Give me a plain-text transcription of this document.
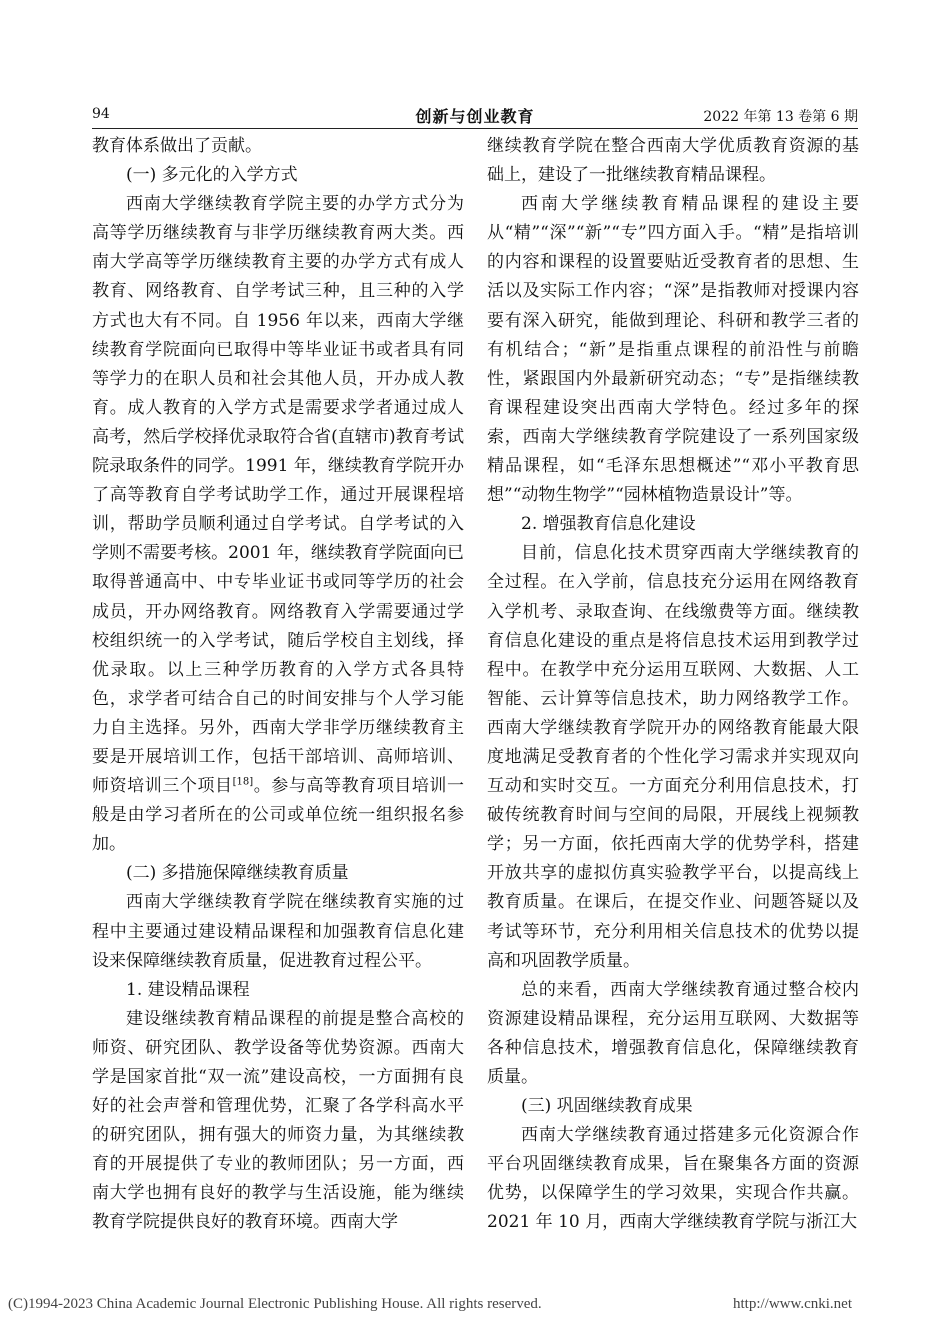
94	创新与创业教育	2022 年第 13 卷第 6 期

教育体系做出了贡献。

(一) 多元化的入学方式

西南大学继续教育学院主要的办学方式分为高等学历继续教育与非学历继续教育两大类。西南大学高等学历继续教育主要的办学方式有成人教育、网络教育、自学考试三种，且三种的入学方式也大有不同。自 1956 年以来，西南大学继续教育学院面向已取得中等毕业证书或者具有同等学力的在职人员和社会其他人员，开办成人教育。成人教育的入学方式是需要求学者通过成人高考，然后学校择优录取符合省(直辖市)教育考试院录取条件的同学。1991 年，继续教育学院开办了高等教育自学考试助学工作，通过开展课程培训，帮助学员顺利通过自学考试。自学考试的入学则不需要考核。2001 年，继续教育学院面向已取得普通高中、中专毕业证书或同等学历的社会成员，开办网络教育。网络教育入学需要通过学校组织统一的入学考试，随后学校自主划线，择优录取。以上三种学历教育的入学方式各具特色，求学者可结合自己的时间安排与个人学习能力自主选择。另外，西南大学非学历继续教育主要是开展培训工作，包括干部培训、高师培训、师资培训三个项目[18]。参与高等教育项目培训一般是由学习者所在的公司或单位统一组织报名参加。

(二) 多措施保障继续教育质量

西南大学继续教育学院在继续教育实施的过程中主要通过建设精品课程和加强教育信息化建设来保障继续教育质量，促进教育过程公平。

1. 建设精品课程

建设继续教育精品课程的前提是整合高校的师资、研究团队、教学设备等优势资源。西南大学是国家首批“双一流”建设高校，一方面拥有良好的社会声誉和管理优势，汇聚了各学科高水平的研究团队，拥有强大的师资力量，为其继续教育的开展提供了专业的教师团队；另一方面，西南大学也拥有良好的教学与生活设施，能为继续教育学院提供良好的教育环境。西南大学

继续教育学院在整合西南大学优质教育资源的基础上，建设了一批继续教育精品课程。

西南大学继续教育精品课程的建设主要从“精”“深”“新”“专”四方面入手。“精”是指培训的内容和课程的设置要贴近受教育者的思想、生活以及实际工作内容；“深”是指教师对授课内容要有深入研究，能做到理论、科研和教学三者的有机结合；“新”是指重点课程的前沿性与前瞻性，紧跟国内外最新研究动态；“专”是指继续教育课程建设突出西南大学特色。经过多年的探索，西南大学继续教育学院建设了一系列国家级精品课程，如“毛泽东思想概述”“邓小平教育思想”“动物生物学”“园林植物造景设计”等。

2. 增强教育信息化建设

目前，信息化技术贯穿西南大学继续教育的全过程。在入学前，信息技充分运用在网络教育入学机考、录取查询、在线缴费等方面。继续教育信息化建设的重点是将信息技术运用到教学过程中。在教学中充分运用互联网、大数据、人工智能、云计算等信息技术，助力网络教学工作。西南大学继续教育学院开办的网络教育能最大限度地满足受教育者的个性化学习需求并实现双向互动和实时交互。一方面充分利用信息技术，打破传统教育时间与空间的局限，开展线上视频教学；另一方面，依托西南大学的优势学科，搭建开放共享的虚拟仿真实验教学平台，以提高线上教育质量。在课后，在提交作业、问题答疑以及考试等环节，充分利用相关信息技术的优势以提高和巩固教学质量。

总的来看，西南大学继续教育通过整合校内资源建设精品课程，充分运用互联网、大数据等各种信息技术，增强教育信息化，保障继续教育质量。

(三) 巩固继续教育成果

西南大学继续教育通过搭建多元化资源合作平台巩固继续教育成果，旨在聚集各方面的资源优势，以保障学生的学习效果，实现合作共赢。2021 年 10 月，西南大学继续教育学院与浙江大

(C)1994-2023 China Academic Journal Electronic Publishing House. All rights reserved.	http://www.cnki.net
